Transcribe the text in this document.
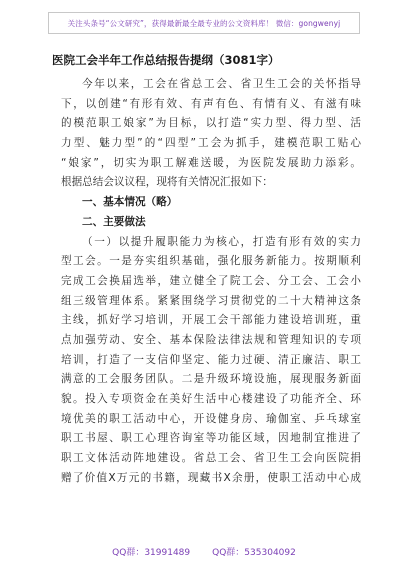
关注头条号“公文研究”，获得最新最全最专业的公文资料库！ 微信：gongwenyj
医院工会半年工作总结报告提纲（3081字）
今年以来，工会在省总工会、省卫生工会的关怀指导
下，以创建“有形有效、有声有色、有情有义、有滋有味
的模范职工娘家”为目标，以打造“实力型、得力型、活
力型、魅力型”的“四型”工会为抓手，建模范职工贴心
“娘家”，切实为职工解难送暖，为医院发展助力添彩。
根据总结会议议程，现将有关情况汇报如下：
一、基本情况（略）
二、主要做法
（一）以提升履职能力为核心，打造有形有效的实力
型工会。一是夯实组织基础，强化服务新能力。按期顺利
完成工会换届选举，建立健全了院工会、分工会、工会小
组三级管理体系。紧紧围绕学习贯彻党的二十大精神这条
主线，抓好学习培训，开展工会干部能力建设培训班，重
点加强劳动、安全、基本保险法律法规和管理知识的专项
培训，打造了一支信仰坚定、能力过硬、清正廉洁、职工
满意的工会服务团队。二是升级环境设施，展现服务新面
貌。投入专项资金在美好生活中心楼建设了功能齐全、环
境优美的职工活动中心，开设健身房、瑜伽室、乒乓球室
职工书屋、职工心理咨询室等功能区域，因地制宜推进了
职工文体活动阵地建设。省总工会、省卫生工会向医院捐
赠了价值X万元的书籍，现藏书X余册，使职工活动中心成
QQ群：31991489 QQ群：535304092
